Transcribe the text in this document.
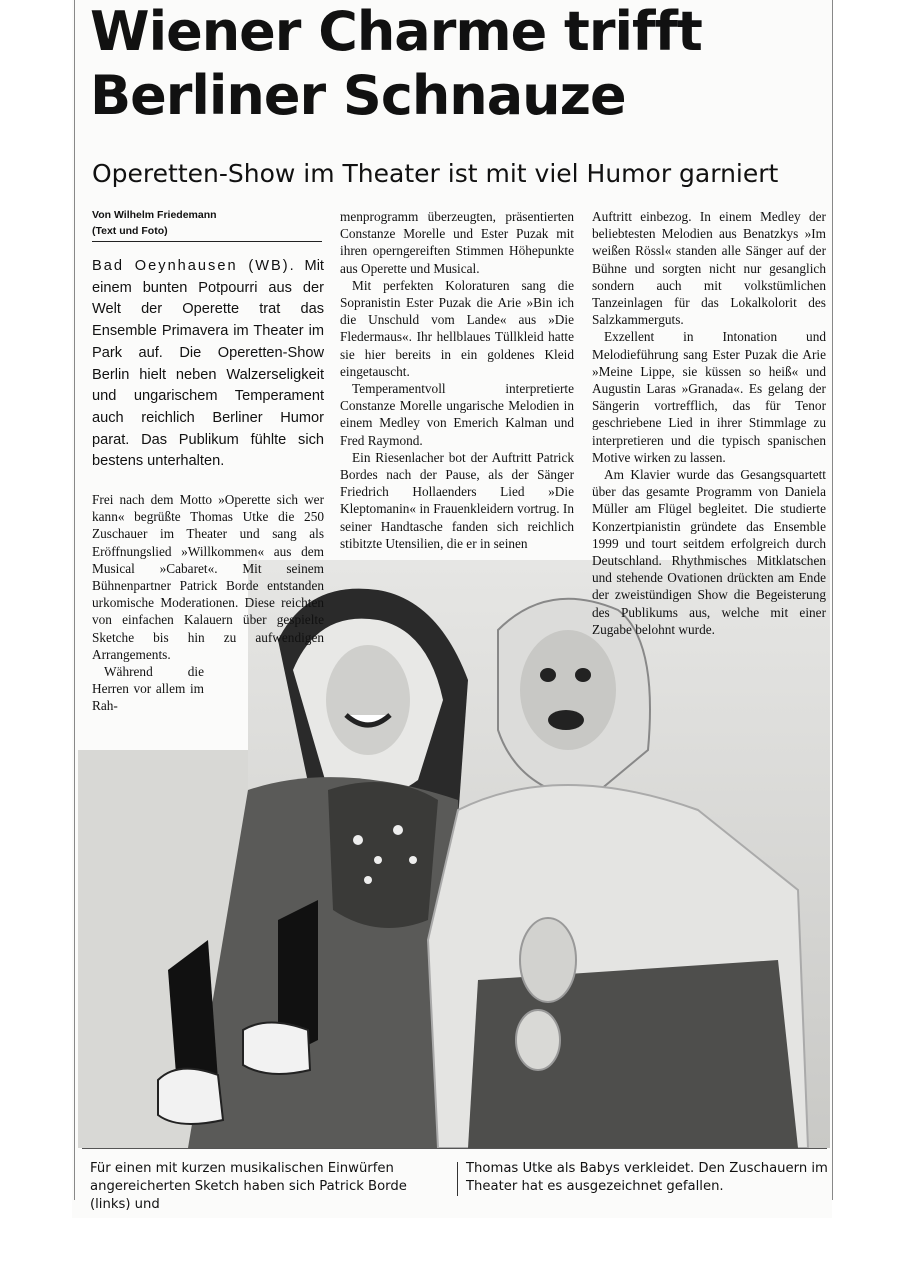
Wiener Charme trifft
Berliner Schnauze
Operetten-Show im Theater ist mit viel Humor garniert
Von Wilhelm Friedemann
(Text und Foto)

Bad Oeynhausen (WB). Mit einem bunten Potpourri aus der Welt der Operette trat das Ensemble Primavera im Theater im Park auf. Die Operetten-Show Berlin hielt neben Walzerseligkeit und ungarischem Temperament auch reichlich Berliner Humor parat. Das Publikum fühlte sich bestens unterhalten.

Frei nach dem Motto »Operette sich wer kann« begrüßte Thomas Utke die 250 Zuschauer im Theater und sang als Eröffnungslied »Willkommen« aus dem Musical »Cabaret«. Mit seinem Bühnenpartner Patrick Borde entstanden urkomische Moderationen. Diese reichten von einfachen Kalauern über gespielte Sketche bis hin zu aufwendigen Arrangements.

Während die Herren vor allem im Rah-

menprogramm überzeugten, präsentierten Constanze Morelle und Ester Puzak mit ihren operngereiften Stimmen Höhepunkte aus Operette und Musical.

Mit perfekten Koloraturen sang die Sopranistin Ester Puzak die Arie »Bin ich die Unschuld vom Lande« aus »Die Fledermaus«. Ihr hellblaues Tüllkleid hatte sie hier bereits in ein goldenes Kleid eingetauscht.

Temperamentvoll interpretierte Constanze Morelle ungarische Melodien in einem Medley von Emerich Kalman und Fred Raymond.

Ein Riesenlacher bot der Auftritt Patrick Bordes nach der Pause, als der Sänger Friedrich Hollaenders Lied »Die Kleptomanin« in Frauenkleidern vortrug. In seiner Handtasche fanden sich reichlich stibitzte Utensilien, die er in seinen

Auftritt einbezog. In einem Medley der beliebtesten Melodien aus Benatzkys »Im weißen Rössl« standen alle Sänger auf der Bühne und sorgten nicht nur gesanglich sondern auch mit volkstümlichen Tanzeinlagen für das Lokalkolorit des Salzkammerguts.

Exzellent in Intonation und Melodieführung sang Ester Puzak die Arie »Meine Lippe, sie küssen so heiß« und Augustin Laras »Granada«. Es gelang der Sängerin vortrefflich, das für Tenor geschriebene Lied in ihrer Stimmlage zu interpretieren und die typisch spanischen Motive wirken zu lassen.

Am Klavier wurde das Gesangsquartett über das gesamte Programm von Daniela Müller am Flügel begleitet. Die studierte Konzertpianistin gründete das Ensemble 1999 und tourt seitdem erfolgreich durch Deutschland. Rhythmisches Mitklatschen und stehende Ovationen drückten am Ende der zweistündigen Show die Begeisterung des Publikums aus, welche mit einer Zugabe belohnt wurde.

Für einen mit kurzen musikalischen Einwürfen angereicherten Sketch haben sich Patrick Borde (links) und

Thomas Utke als Babys verkleidet. Den Zuschauern im Theater hat es ausgezeichnet gefallen.
